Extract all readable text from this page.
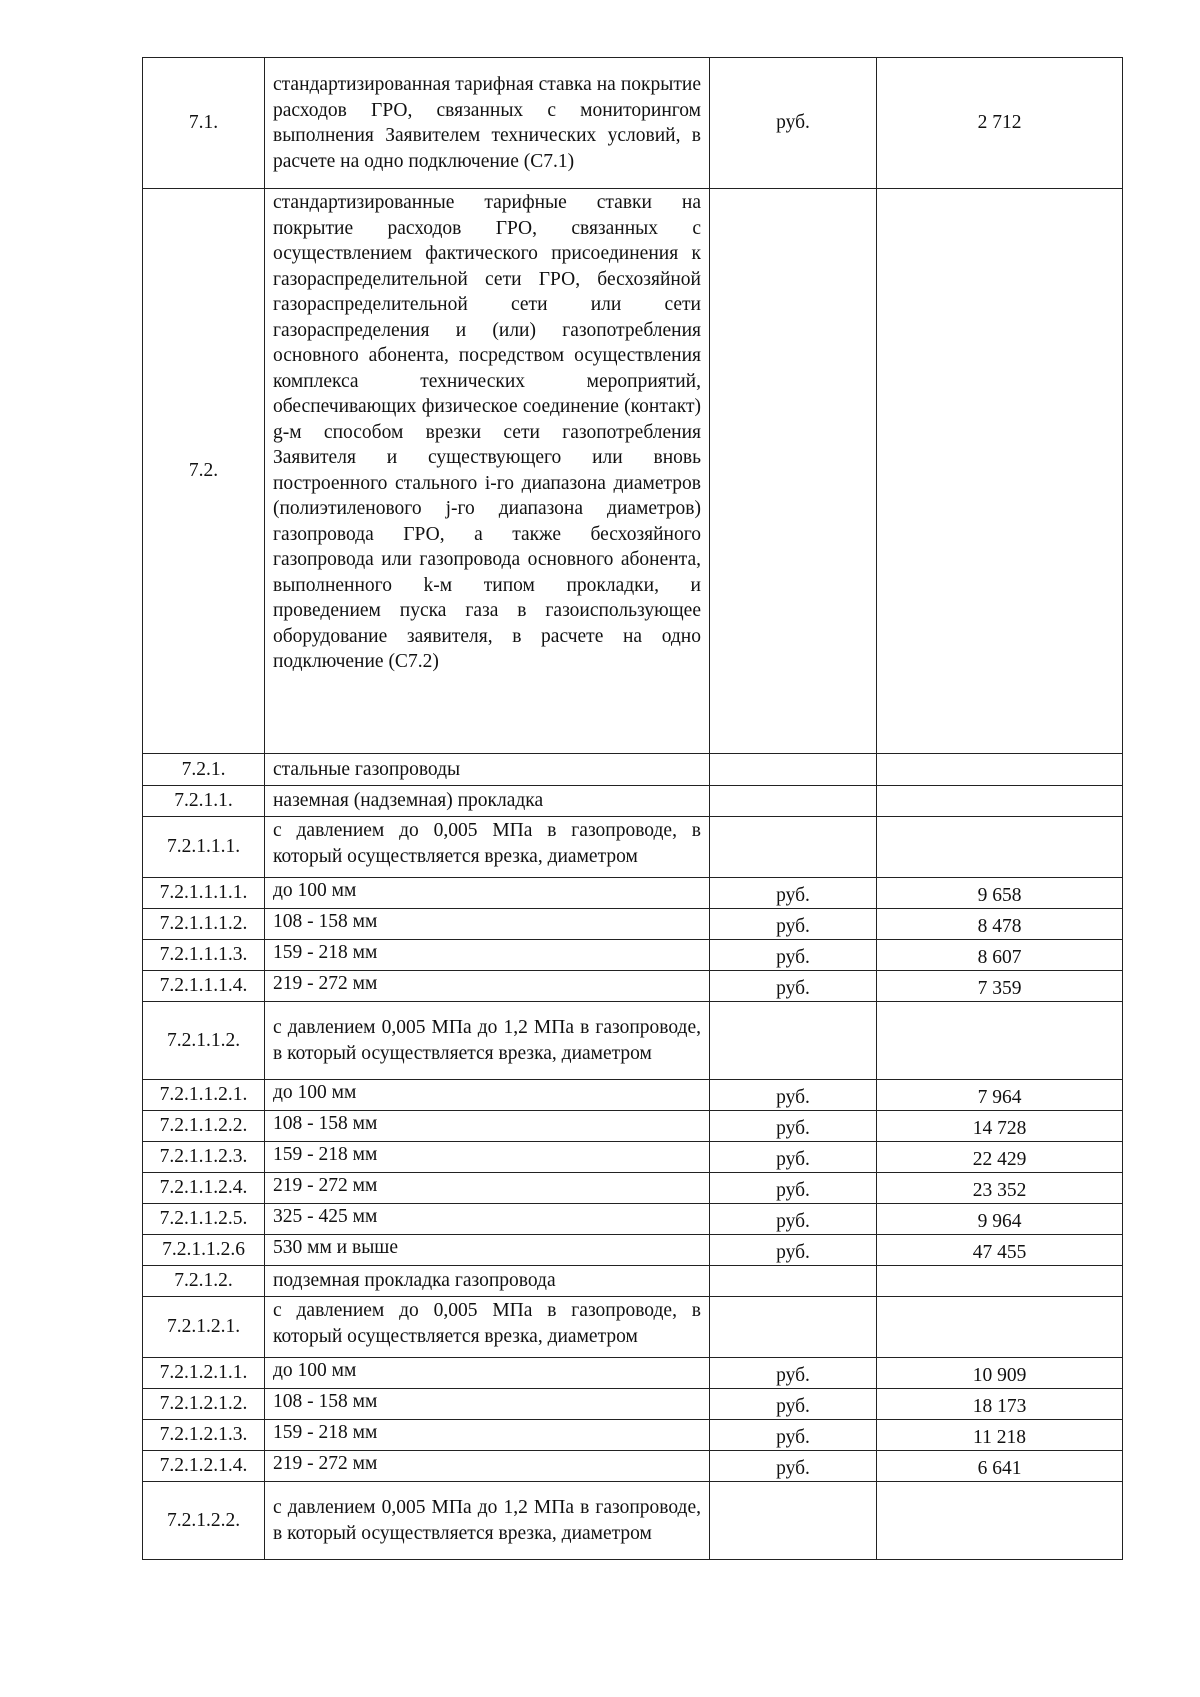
7.1.	стандартизированная тарифная ставка на покрытие расходов ГРО, связанных с мониторингом выполнения Заявителем технических условий, в расчете на одно подключение (С7.1)	руб.	2 712
7.2.	стандартизированные тарифные ставки на покрытие расходов ГРО, связанных с осуществлением фактического присоединения к газораспределительной сети ГРО, бесхозяйной газораспределительной сети или сети газораспределения и (или) газопотребления основного абонента, посредством осуществления комплекса технических мероприятий, обеспечивающих физическое соединение (контакт) g-м способом врезки сети газопотребления Заявителя и существующего или вновь построенного стального i-го диапазона диаметров (полиэтиленового j-го диапазона диаметров) газопровода ГРО, а также бесхозяйного газопровода или газопровода основного абонента, выполненного k-м типом прокладки, и проведением пуска газа в газоиспользующее оборудование заявителя, в расчете на одно подключение (С7.2)		
7.2.1.	стальные газопроводы		
7.2.1.1.	наземная (надземная) прокладка		
7.2.1.1.1.	с давлением до 0,005 МПа в газопроводе, в который осуществляется врезка, диаметром		
7.2.1.1.1.1.	до 100 мм	руб.	9 658
7.2.1.1.1.2.	108 - 158 мм	руб.	8 478
7.2.1.1.1.3.	159 - 218 мм	руб.	8 607
7.2.1.1.1.4.	219 - 272 мм	руб.	7 359
7.2.1.1.2.	с давлением 0,005 МПа до 1,2 МПа в газопроводе, в который осуществляется врезка, диаметром		
7.2.1.1.2.1.	до 100 мм	руб.	7 964
7.2.1.1.2.2.	108 - 158 мм	руб.	14 728
7.2.1.1.2.3.	159 - 218 мм	руб.	22 429
7.2.1.1.2.4.	219 - 272 мм	руб.	23 352
7.2.1.1.2.5.	325 - 425 мм	руб.	9 964
7.2.1.1.2.6	530 мм и выше	руб.	47 455
7.2.1.2.	подземная прокладка газопровода		
7.2.1.2.1.	с давлением до 0,005 МПа в газопроводе, в который осуществляется врезка, диаметром		
7.2.1.2.1.1.	до 100 мм	руб.	10 909
7.2.1.2.1.2.	108 - 158 мм	руб.	18 173
7.2.1.2.1.3.	159 - 218 мм	руб.	11 218
7.2.1.2.1.4.	219 - 272 мм	руб.	6 641
7.2.1.2.2.	с давлением 0,005 МПа до 1,2 МПа в газопроводе, в который осуществляется врезка, диаметром		
